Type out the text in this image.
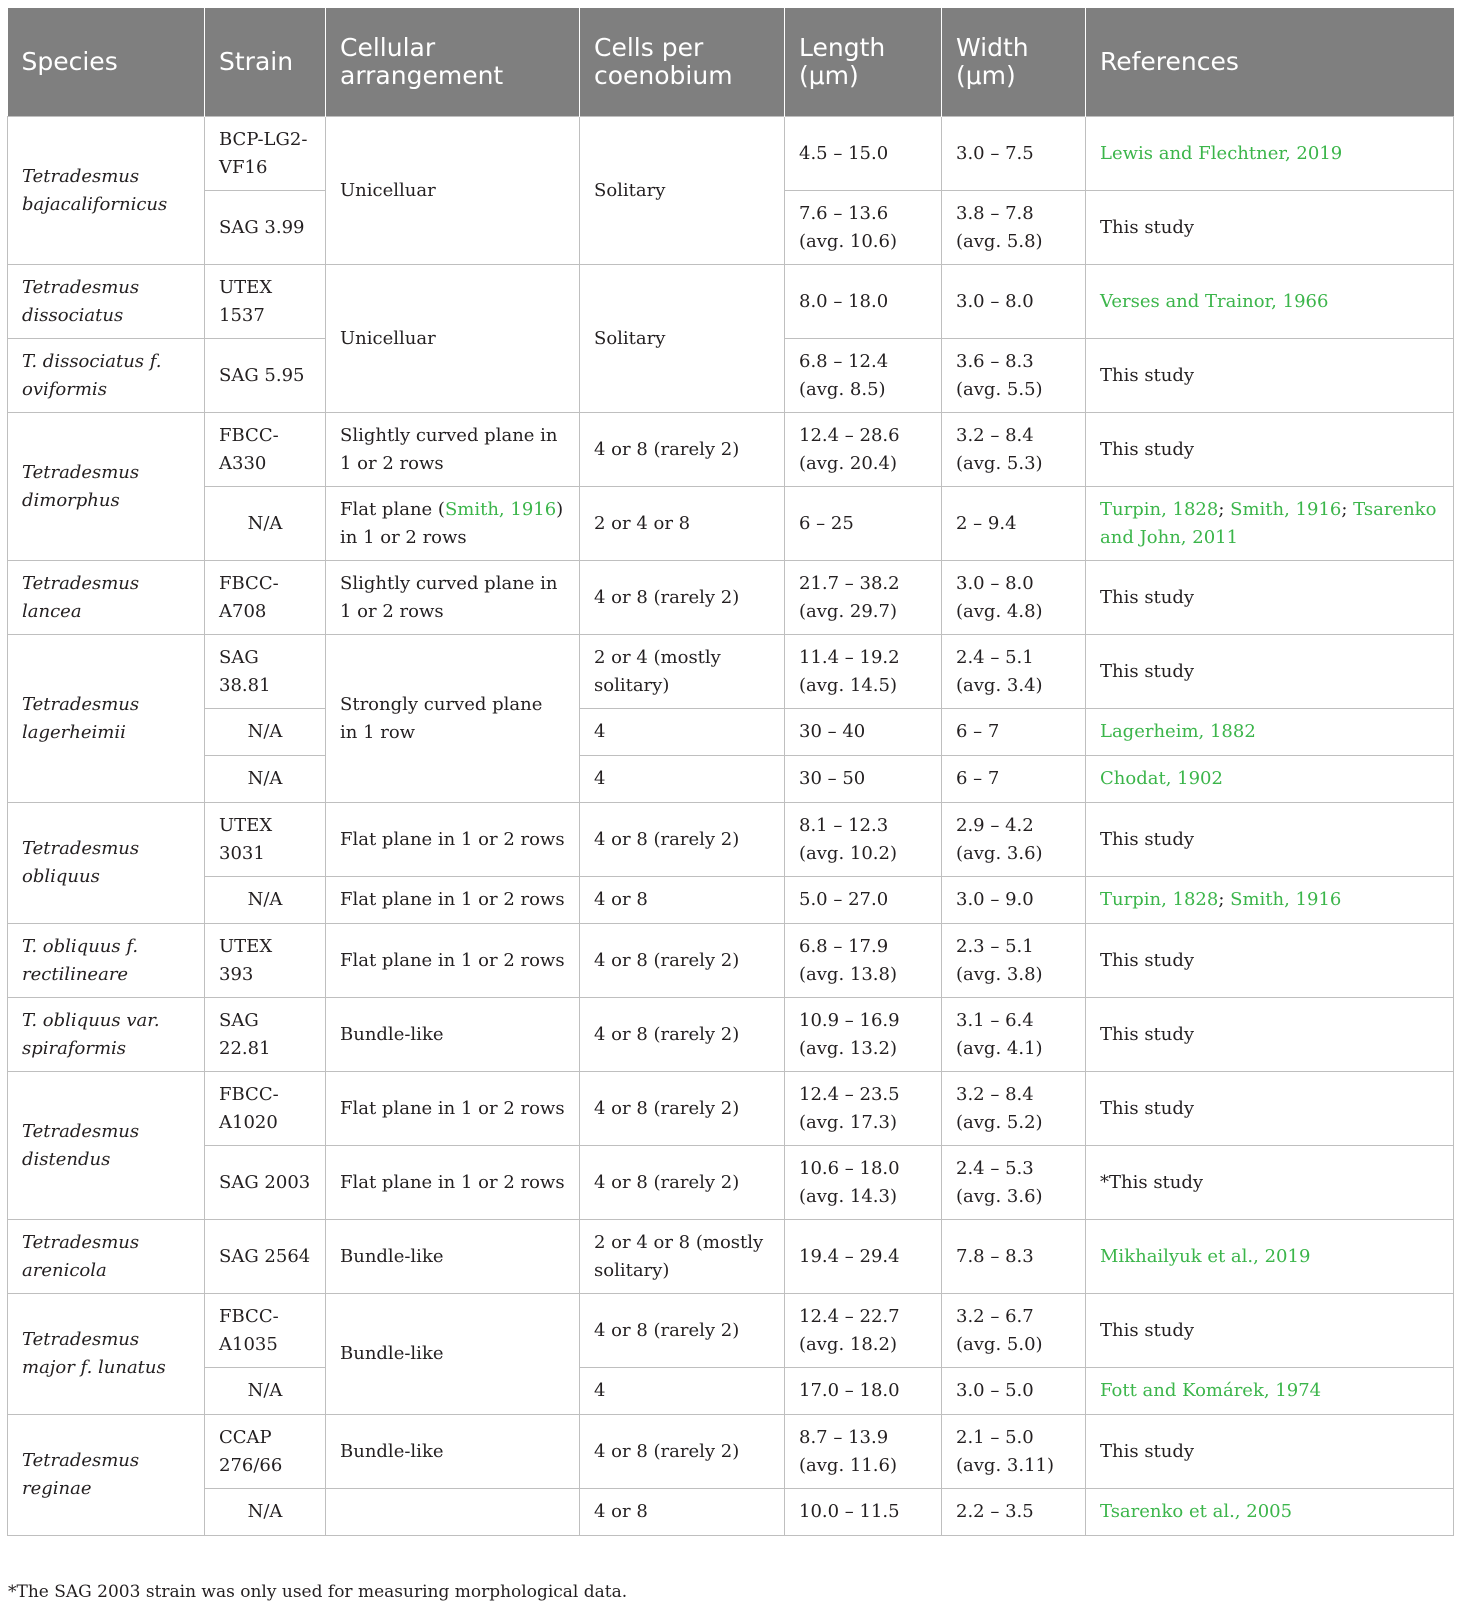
Species	Strain	Cellular arrangement	Cells per coenobium	Length (μm)	Width (μm)	References
Tetradesmus bajacalifornicus	BCP-LG2-VF16	Unicelluar	Solitary	4.5 – 15.0	3.0 – 7.5	Lewis and Flechtner, 2019
	SAG 3.99			7.6 – 13.6 (avg. 10.6)	3.8 – 7.8 (avg. 5.8)	This study
Tetradesmus dissociatus	UTEX 1537	Unicelluar	Solitary	8.0 – 18.0	3.0 – 8.0	Verses and Trainor, 1966
T. dissociatus f. oviformis	SAG 5.95			6.8 – 12.4 (avg. 8.5)	3.6 – 8.3 (avg. 5.5)	This study
Tetradesmus dimorphus	FBCC-A330	Slightly curved plane in 1 or 2 rows	4 or 8 (rarely 2)	12.4 – 28.6 (avg. 20.4)	3.2 – 8.4 (avg. 5.3)	This study
	N/A	Flat plane (Smith, 1916) in 1 or 2 rows	2 or 4 or 8	6 – 25	2 – 9.4	Turpin, 1828; Smith, 1916; Tsarenko and John, 2011
Tetradesmus lancea	FBCC-A708	Slightly curved plane in 1 or 2 rows	4 or 8 (rarely 2)	21.7 – 38.2 (avg. 29.7)	3.0 – 8.0 (avg. 4.8)	This study
Tetradesmus lagerheimii	SAG 38.81	Strongly curved plane in 1 row	2 or 4 (mostly solitary)	11.4 – 19.2 (avg. 14.5)	2.4 – 5.1 (avg. 3.4)	This study
	N/A		4	30 – 40	6 – 7	Lagerheim, 1882
	N/A		4	30 – 50	6 – 7	Chodat, 1902
Tetradesmus obliquus	UTEX 3031	Flat plane in 1 or 2 rows	4 or 8 (rarely 2)	8.1 – 12.3 (avg. 10.2)	2.9 – 4.2 (avg. 3.6)	This study
	N/A	Flat plane in 1 or 2 rows	4 or 8	5.0 – 27.0	3.0 – 9.0	Turpin, 1828; Smith, 1916
T. obliquus f. rectilineare	UTEX 393	Flat plane in 1 or 2 rows	4 or 8 (rarely 2)	6.8 – 17.9 (avg. 13.8)	2.3 – 5.1 (avg. 3.8)	This study
T. obliquus var. spiraformis	SAG 22.81	Bundle-like	4 or 8 (rarely 2)	10.9 – 16.9 (avg. 13.2)	3.1 – 6.4 (avg. 4.1)	This study
Tetradesmus distendus	FBCC-A1020	Flat plane in 1 or 2 rows	4 or 8 (rarely 2)	12.4 – 23.5 (avg. 17.3)	3.2 – 8.4 (avg. 5.2)	This study
	SAG 2003	Flat plane in 1 or 2 rows	4 or 8 (rarely 2)	10.6 – 18.0 (avg. 14.3)	2.4 – 5.3 (avg. 3.6)	*This study
Tetradesmus arenicola	SAG 2564	Bundle-like	2 or 4 or 8 (mostly solitary)	19.4 – 29.4	7.8 – 8.3	Mikhailyuk et al., 2019
Tetradesmus major f. lunatus	FBCC-A1035	Bundle-like	4 or 8 (rarely 2)	12.4 – 22.7 (avg. 18.2)	3.2 – 6.7 (avg. 5.0)	This study
	N/A		4	17.0 – 18.0	3.0 – 5.0	Fott and Komárek, 1974
Tetradesmus reginae	CCAP 276/66	Bundle-like	4 or 8 (rarely 2)	8.7 – 13.9 (avg. 11.6)	2.1 – 5.0 (avg. 3.11)	This study
	N/A		4 or 8	10.0 – 11.5	2.2 – 3.5	Tsarenko et al., 2005
*The SAG 2003 strain was only used for measuring morphological data.
